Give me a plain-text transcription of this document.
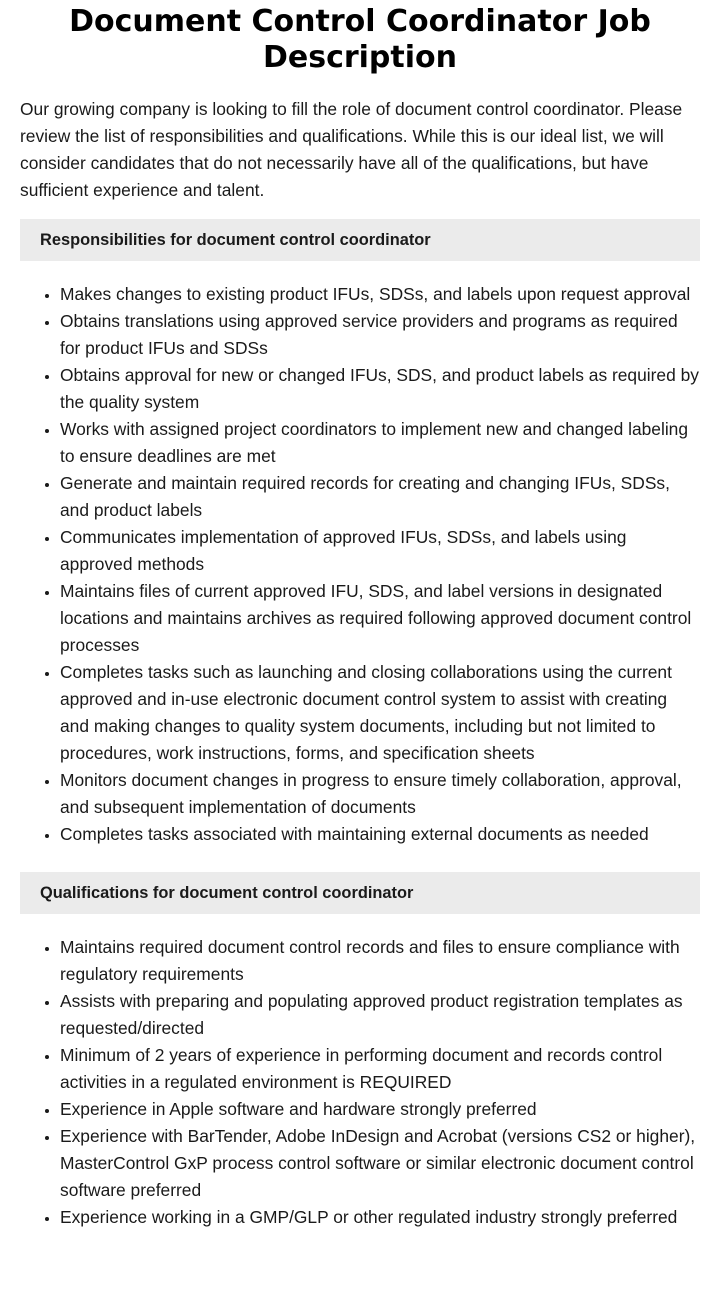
Document Control Coordinator Job Description

Our growing company is looking to fill the role of document control coordinator. Please review the list of responsibilities and qualifications. While this is our ideal list, we will consider candidates that do not necessarily have all of the qualifications, but have sufficient experience and talent.

Responsibilities for document control coordinator
• Makes changes to existing product IFUs, SDSs, and labels upon request approval
• Obtains translations using approved service providers and programs as required for product IFUs and SDSs
• Obtains approval for new or changed IFUs, SDS, and product labels as required by the quality system
• Works with assigned project coordinators to implement new and changed labeling to ensure deadlines are met
• Generate and maintain required records for creating and changing IFUs, SDSs, and product labels
• Communicates implementation of approved IFUs, SDSs, and labels using approved methods
• Maintains files of current approved IFU, SDS, and label versions in designated locations and maintains archives as required following approved document control processes
• Completes tasks such as launching and closing collaborations using the current approved and in-use electronic document control system to assist with creating and making changes to quality system documents, including but not limited to procedures, work instructions, forms, and specification sheets
• Monitors document changes in progress to ensure timely collaboration, approval, and subsequent implementation of documents
• Completes tasks associated with maintaining external documents as needed
Qualifications for document control coordinator
• Maintains required document control records and files to ensure compliance with regulatory requirements
• Assists with preparing and populating approved product registration templates as requested/directed
• Minimum of 2 years of experience in performing document and records control activities in a regulated environment is REQUIRED
• Experience in Apple software and hardware strongly preferred
• Experience with BarTender, Adobe InDesign and Acrobat (versions CS2 or higher), MasterControl GxP process control software or similar electronic document control software preferred
• Experience working in a GMP/GLP or other regulated industry strongly preferred
